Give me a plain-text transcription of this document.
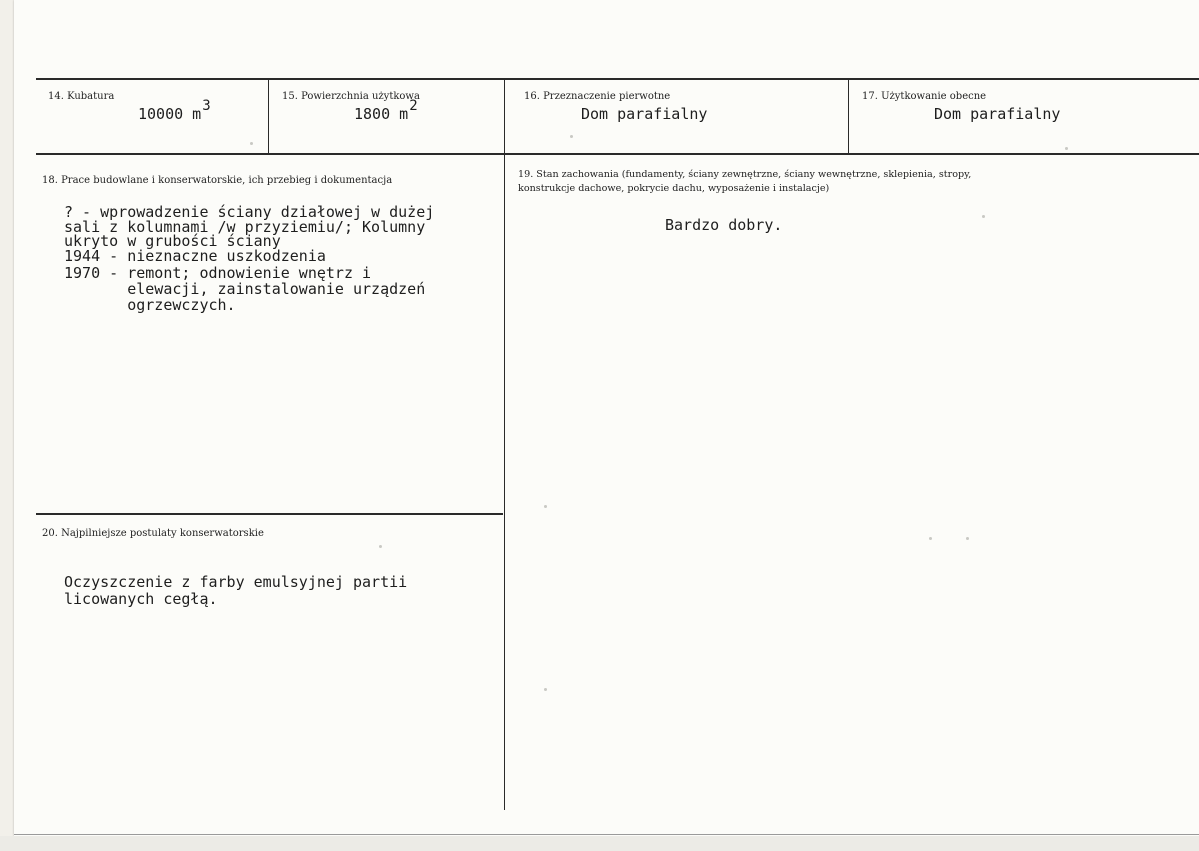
14. Kubatura
10000 m3
15. Powierzchnia użytkowa
1800 m2
16. Przeznaczenie pierwotne
Dom parafialny
17. Użytkowanie obecne
Dom parafialny
18. Prace budowlane i konserwatorskie, ich przebieg i dokumentacja
? - wprowadzenie ściany działowej w dużej
sali z kolumnami /w przyziemiu/; Kolumny
ukryto w grubości ściany
1944 - nieznaczne uszkodzenia
1970 - remont; odnowienie wnętrz i
elewacji, zainstalowanie urządzeń
ogrzewczych.
19. Stan zachowania (fundamenty, ściany zewnętrzne, ściany wewnętrzne, sklepienia, stropy,
konstrukcje dachowe, pokrycie dachu, wyposażenie i instalacje)
Bardzo dobry.
20. Najpilniejsze postulaty konserwatorskie
Oczyszczenie z farby emulsyjnej partii
licowanych cegłą.
